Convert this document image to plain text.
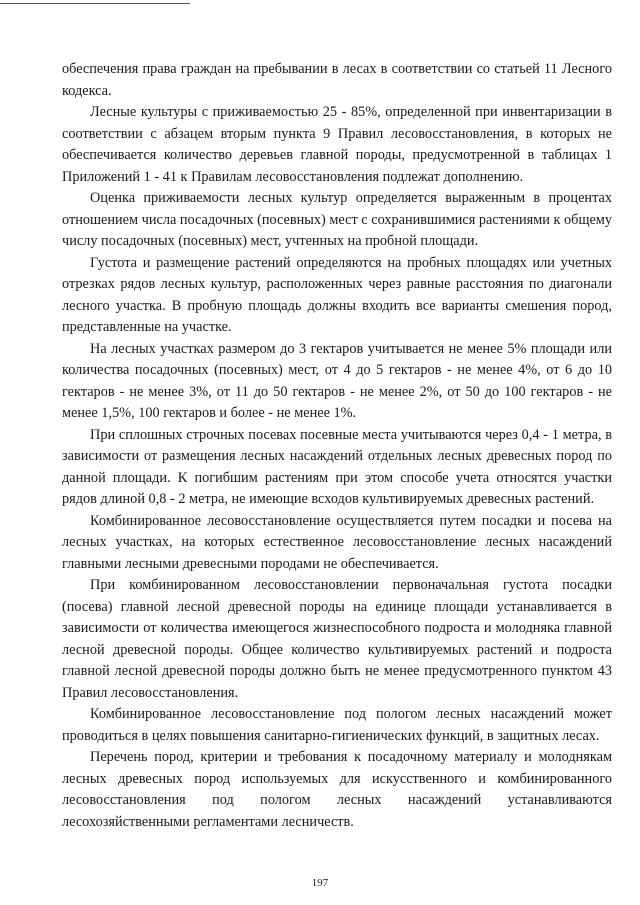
обеспечения права граждан на пребывании в лесах в соответствии со статьей 11 Лесного кодекса.

Лесные культуры с приживаемостью 25 - 85%, определенной при инвентаризации в соответствии с абзацем вторым пункта 9 Правил лесовосстановления, в которых не обеспечивается количество деревьев главной породы, предусмотренной в таблицах 1 Приложений 1 - 41 к Правилам лесовосстановления подлежат дополнению.

Оценка приживаемости лесных культур определяется выраженным в процентах отношением числа посадочных (посевных) мест с сохранившимися растениями к общему числу посадочных (посевных) мест, учтенных на пробной площади.

Густота и размещение растений определяются на пробных площадях или учетных отрезках рядов лесных культур, расположенных через равные расстояния по диагонали лесного участка. В пробную площадь должны входить все варианты смешения пород, представленные на участке.

На лесных участках размером до 3 гектаров учитывается не менее 5% площади или количества посадочных (посевных) мест, от 4 до 5 гектаров - не менее 4%, от 6 до 10 гектаров - не менее 3%, от 11 до 50 гектаров - не менее 2%, от 50 до 100 гектаров - не менее 1,5%, 100 гектаров и более - не менее 1%.

При сплошных строчных посевах посевные места учитываются через 0,4 - 1 метра, в зависимости от размещения лесных насаждений отдельных лесных древесных пород по данной площади. К погибшим растениям при этом способе учета относятся участки рядов длиной 0,8 - 2 метра, не имеющие всходов культивируемых древесных растений.

Комбинированное лесовосстановление осуществляется путем посадки и посева на лесных участках, на которых естественное лесовосстановление лесных насаждений главными лесными древесными породами не обеспечивается.

При комбинированном лесовосстановлении первоначальная густота посадки (посева) главной лесной древесной породы на единице площади устанавливается в зависимости от количества имеющегося жизнеспособного подроста и молодняка главной лесной древесной породы. Общее количество культивируемых растений и подроста главной лесной древесной породы должно быть не менее предусмотренного пунктом 43 Правил лесовосстановления.

Комбинированное лесовосстановление под пологом лесных насаждений может проводиться в целях повышения санитарно-гигиенических функций, в защитных лесах.

Перечень пород, критерии и требования к посадочному материалу и молоднякам лесных древесных пород используемых для искусственного и комбинированного лесовосстановления под пологом лесных насаждений устанавливаются лесохозяйственными регламентами лесничеств.

197
